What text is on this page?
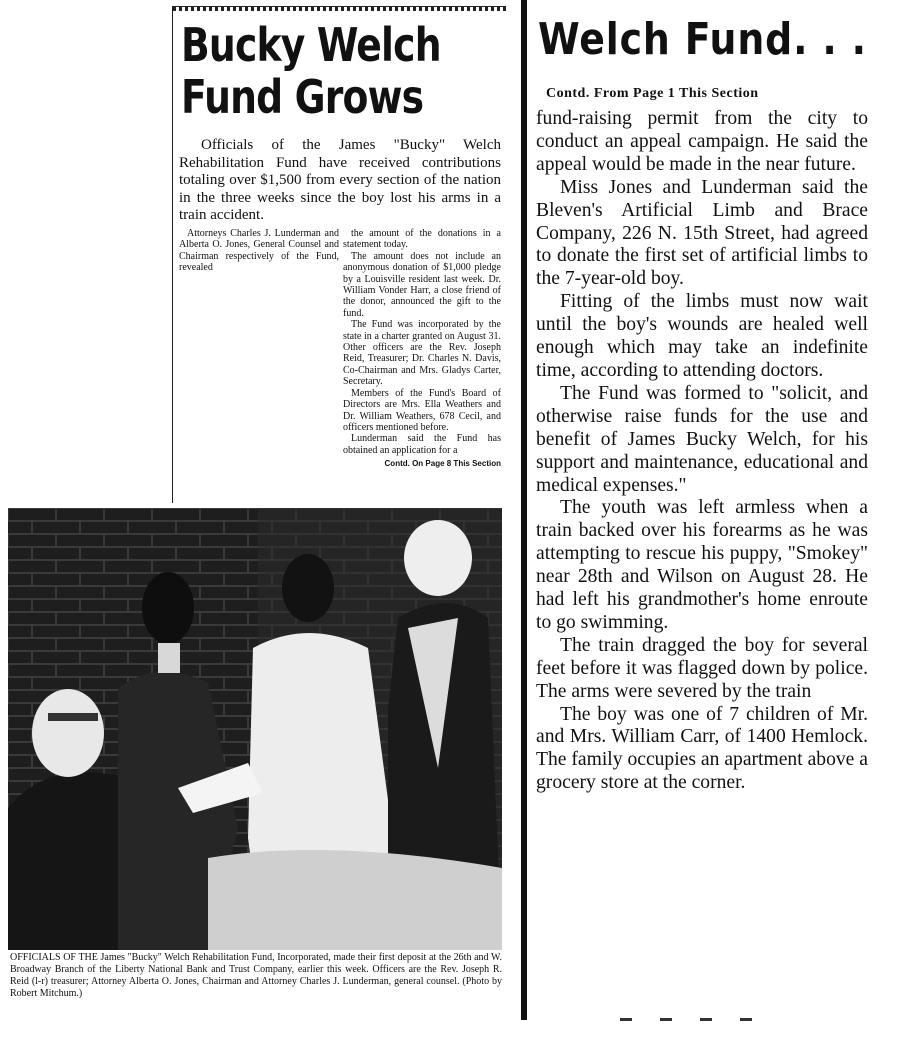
Bucky Welch
Fund Grows

Officials of the James "Bucky" Welch Rehabilitation Fund have received contributions totaling over $1,500 from every section of the nation in the three weeks since the boy lost his arms in a train accident.

Attorneys Charles J. Lunderman and Alberta O. Jones, General Counsel and Chairman respectively of the Fund, revealed

the amount of the donations in a statement today.

The amount does not include an anonymous donation of $1,000 pledge by a Louisville resident last week. Dr. William Vonder Harr, a close friend of the donor, announced the gift to the fund.

The Fund was incorporated by the state in a charter granted on August 31. Other officers are the Rev. Joseph Reid, Treasurer; Dr. Charles N. Davis, Co-Chairman and Mrs. Gladys Carter, Secretary.

Members of the Fund's Board of Directors are Mrs. Ella Weathers and Dr. William Weathers, 678 Cecil, and officers mentioned before.

Lunderman said the Fund has obtained an application for a

Contd. On Page 8 This Section

OFFICIALS OF THE James "Bucky" Welch Rehabilitation Fund, Incorporated, made their first deposit at the 26th and W. Broadway Branch of the Liberty National Bank and Trust Company, earlier this week. Officers are the Rev. Joseph R. Reid (l-r) treasurer; Attorney Alberta O. Jones, Chairman and Attorney Charles J. Lunderman, general counsel. (Photo by Robert Mitchum.)

Welch Fund. . .

Contd. From Page 1 This Section

fund-raising permit from the city to conduct an appeal campaign. He said the appeal would be made in the near future.

Miss Jones and Lunderman said the Bleven's Artificial Limb and Brace Company, 226 N. 15th Street, had agreed to donate the first set of artificial limbs to the 7-year-old boy.

Fitting of the limbs must now wait until the boy's wounds are healed well enough which may take an indefinite time, according to attending doctors.

The Fund was formed to "solicit, and otherwise raise funds for the use and benefit of James Bucky Welch, for his support and maintenance, educational and medical expenses."

The youth was left armless when a train backed over his forearms as he was attempting to rescue his puppy, "Smokey" near 28th and Wilson on August 28. He had left his grandmother's home enroute to go swimming.

The train dragged the boy for several feet before it was flagged down by police. The arms were severed by the train

The boy was one of 7 children of Mr. and Mrs. William Carr, of 1400 Hemlock. The family occupies an apartment above a grocery store at the corner.
